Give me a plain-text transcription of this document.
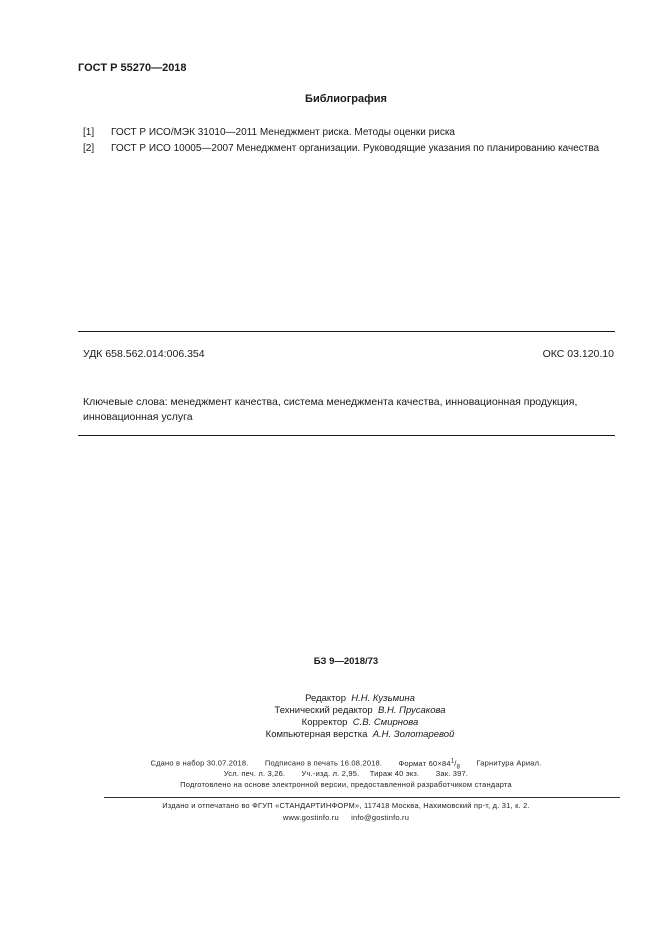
ГОСТ Р 55270—2018
Библиография
[1]	ГОСТ Р ИСО/МЭК 31010—2011 Менеджмент риска. Методы оценки риска
[2]	ГОСТ Р ИСО 10005—2007 Менеджмент организации. Руководящие указания по планированию качества
УДК 658.562.014:006.354	ОКС 03.120.10
Ключевые слова: менеджмент качества, система менеджмента качества, инновационная продукция, инновационная услуга
БЗ 9—2018/73
Редактор Н.Н. Кузьмина
Технический редактор В.Н. Прусакова
Корректор С.В. Смирнова
Компьютерная верстка А.Н. Золотаревой
Сдано в набор 30.07.2018. Подписано в печать 16.08.2018. Формат $60\times 84^1/_8$ Гарнитура Ариал.
Усл. печ. л. 3,26. Уч.-изд. л. 2,95. Тираж 40 экз. Зак. 397.
Подготовлено на основе электронной версии, предоставленной разработчиком стандарта
Издано и отпечатано во ФГУП «СТАНДАРТИНФОРМ», 117418 Москва, Нахимовский пр-т, д. 31, к. 2.
www.gostinfo.ru info@gostinfo.ru
